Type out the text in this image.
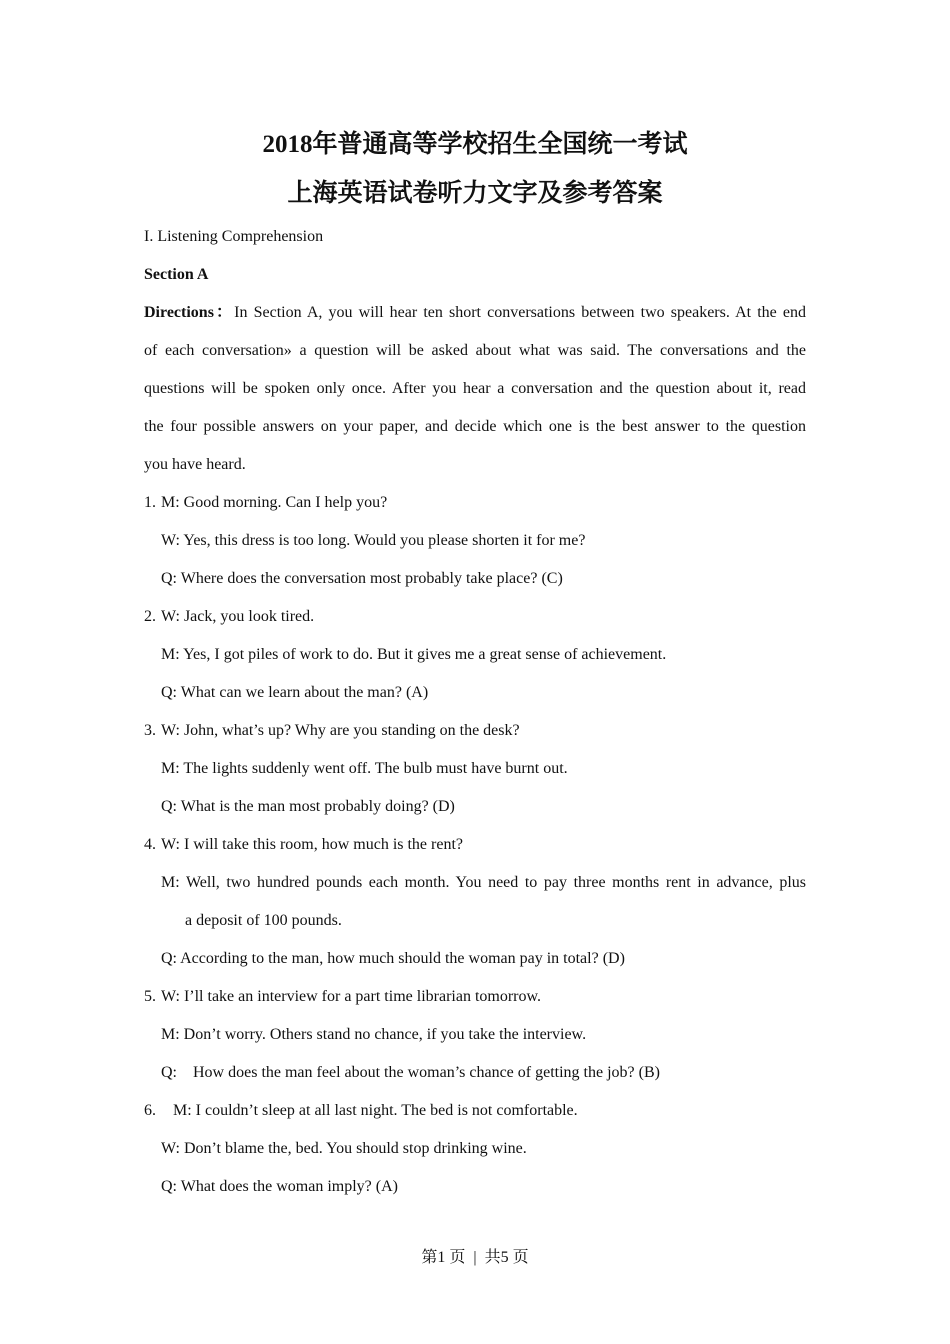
2018年普通高等学校招生全国统一考试
上海英语试卷听力文字及参考答案
I. Listening Comprehension
Section A
Directions：In Section A, you will hear ten short conversations between two speakers. At the end
of each conversation» a question will be asked about what was said. The conversations and the
questions will be spoken only once. After you hear a conversation and the question about it, read
the four possible answers on your paper, and decide which one is the best answer to the question
you have heard.
1. M: Good morning. Can I help you?
W: Yes, this dress is too long. Would you please shorten it for me?
Q: Where does the conversation most probably take place? (C)
2. W: Jack, you look tired.
M: Yes, I got piles of work to do. But it gives me a great sense of achievement.
Q: What can we learn about the man? (A)
3. W: John, what’s up? Why are you standing on the desk?
M: The lights suddenly went off. The bulb must have burnt out.
Q: What is the man most probably doing? (D)
4. W: I will take this room, how much is the rent?
M: Well, two hundred pounds each month. You need to pay three months rent in advance, plus
a deposit of 100 pounds.
Q: According to the man, how much should the woman pay in total? (D)
5. W: I’ll take an interview for a part time librarian tomorrow.
M: Don’t worry. Others stand no chance, if you take the interview.
Q:    How does the man feel about the woman’s chance of getting the job? (B)
6. M: I couldn’t sleep at all last night. The bed is not comfortable.
W: Don’t blame the, bed. You should stop drinking wine.
Q: What does the woman imply? (A)
第1 页  |  共5 页
